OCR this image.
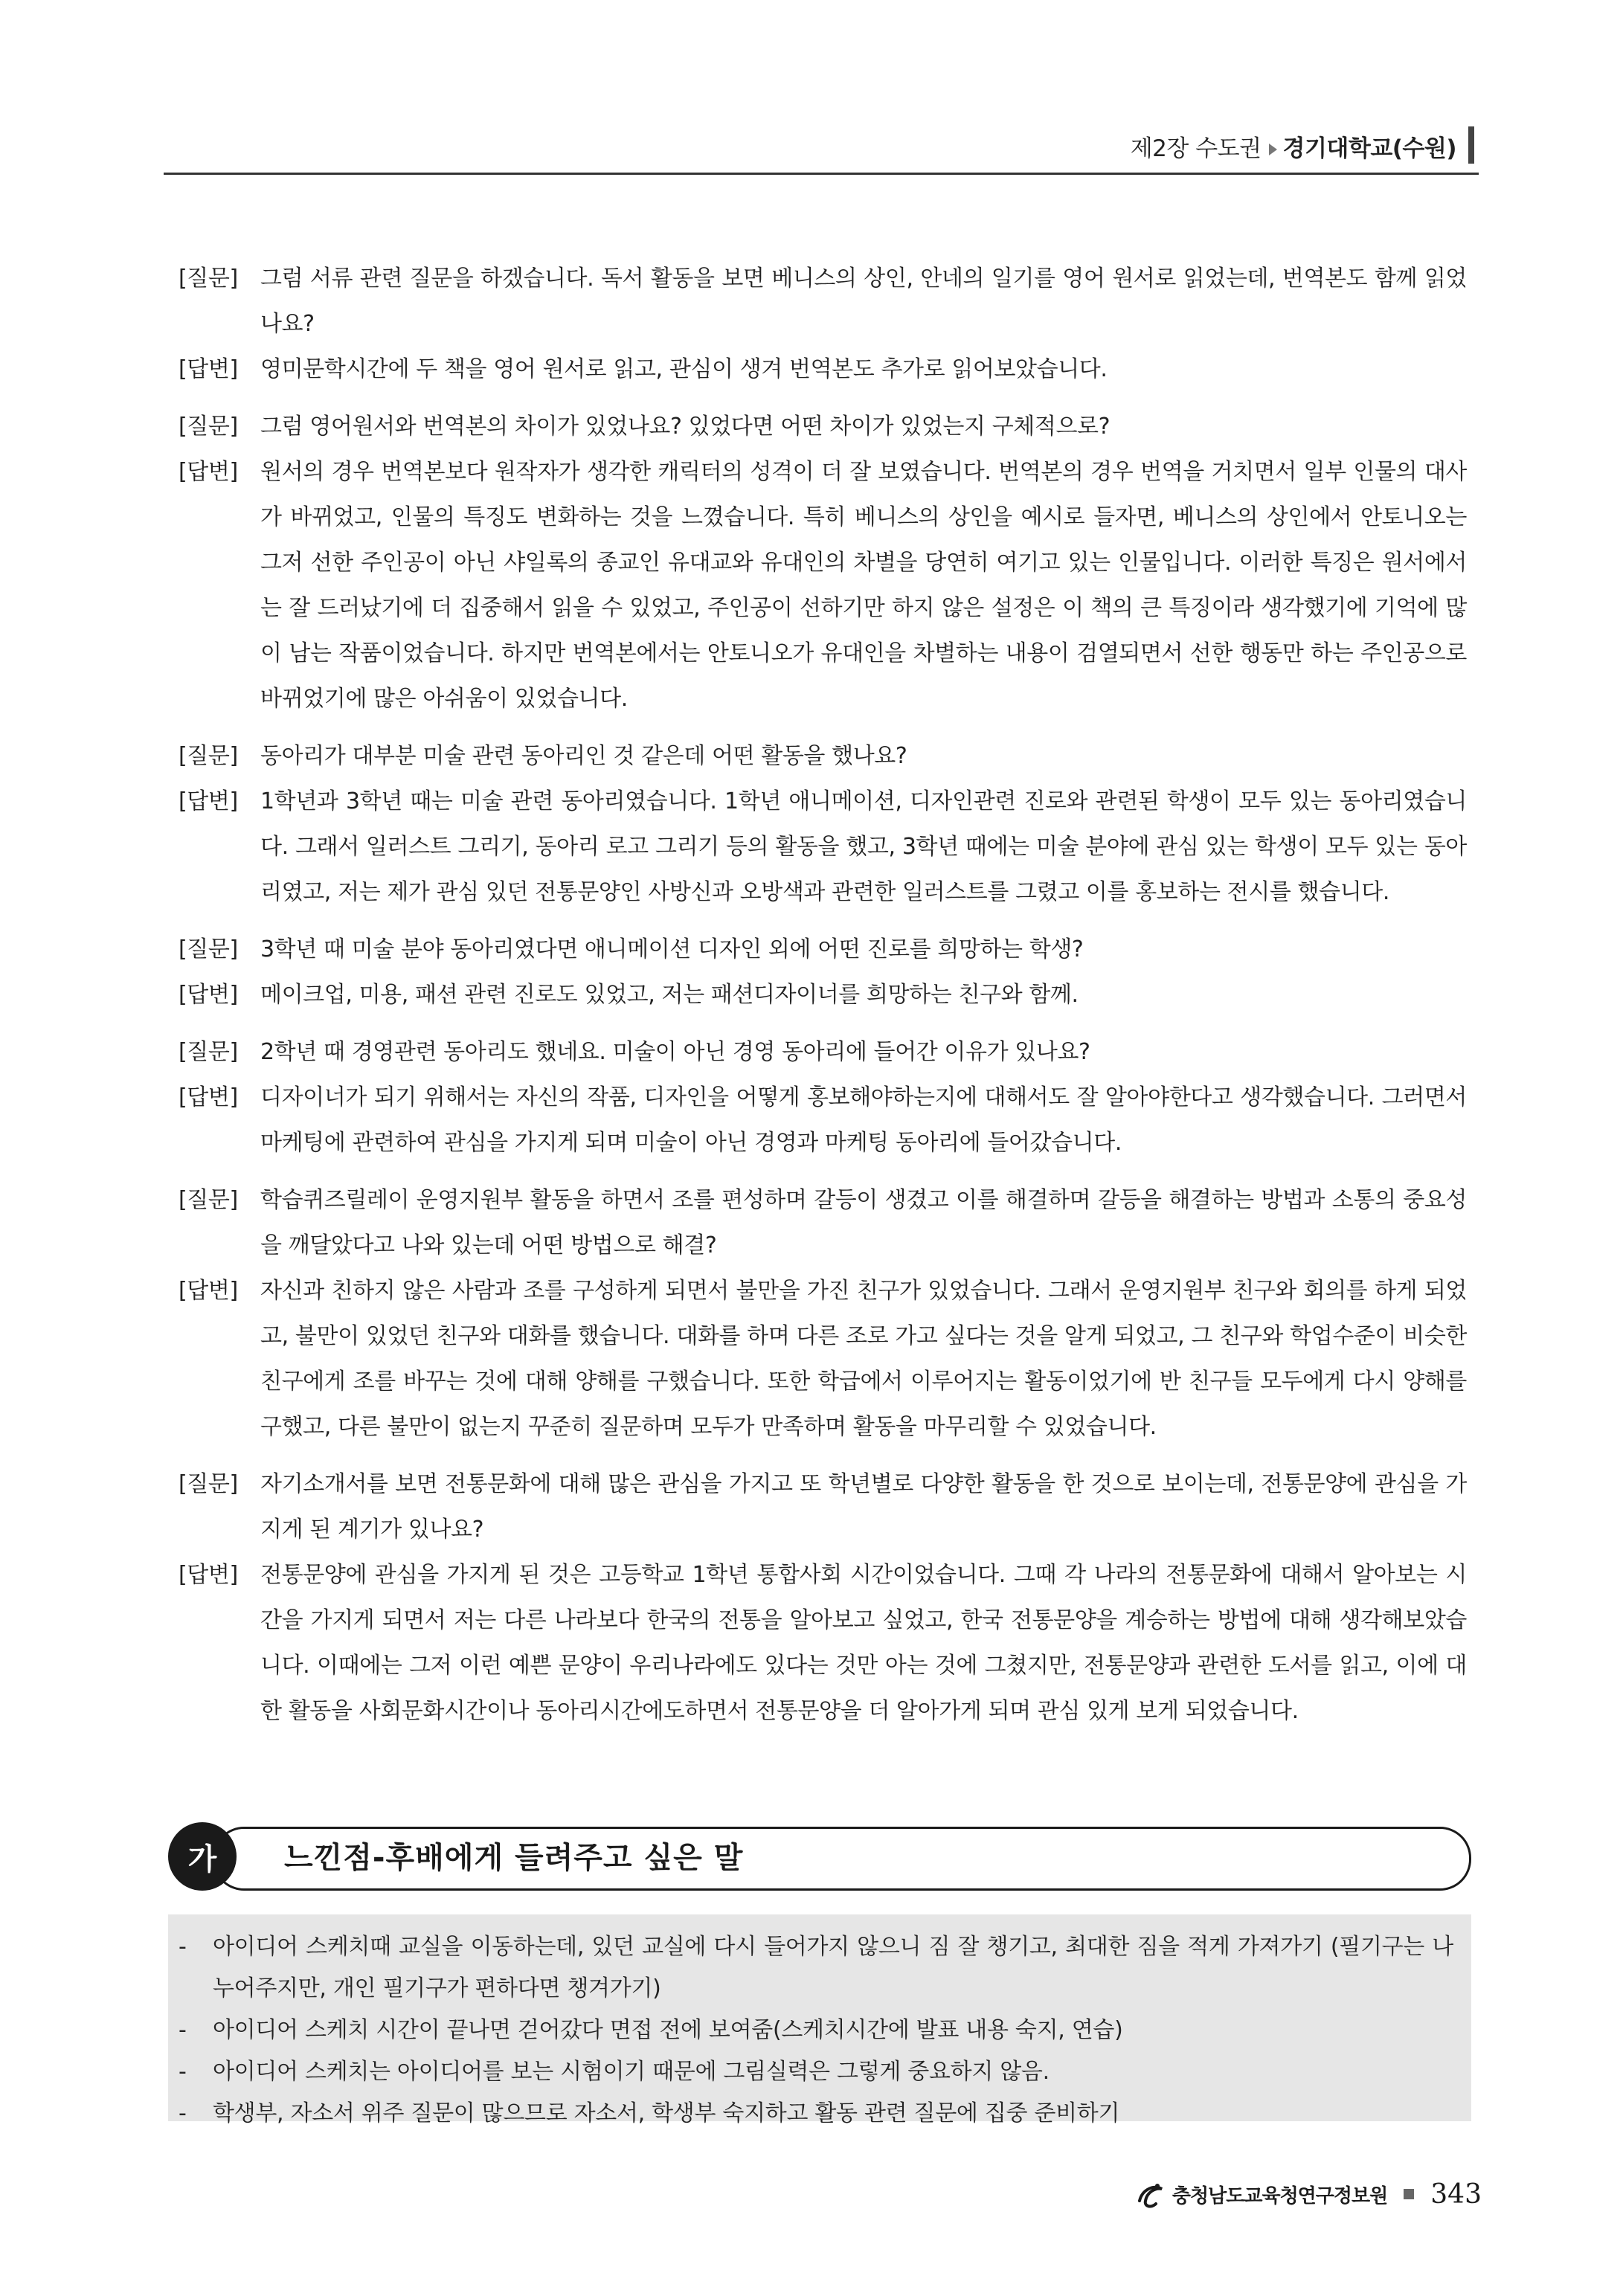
제2장 수도권 경기대학교(수원)
[질문]	그럼 서류 관련 질문을 하겠습니다. 독서 활동을 보면 베니스의 상인, 안네의 일기를 영어 원서로 읽었는데, 번역본도 함께 읽었나요?
[답변]	영미문학시간에 두 책을 영어 원서로 읽고, 관심이 생겨 번역본도 추가로 읽어보았습니다.
[질문]	그럼 영어원서와 번역본의 차이가 있었나요? 있었다면 어떤 차이가 있었는지 구체적으로?
[답변]	원서의 경우 번역본보다 원작자가 생각한 캐릭터의 성격이 더 잘 보였습니다. 번역본의 경우 번역을 거치면서 일부 인물의 대사가 바뀌었고, 인물의 특징도 변화하는 것을 느꼈습니다. 특히 베니스의 상인을 예시로 들자면, 베니스의 상인에서 안토니오는 그저 선한 주인공이 아닌 샤일록의 종교인 유대교와 유대인의 차별을 당연히 여기고 있는 인물입니다. 이러한 특징은 원서에서는 잘 드러났기에 더 집중해서 읽을 수 있었고, 주인공이 선하기만 하지 않은 설정은 이 책의 큰 특징이라 생각했기에 기억에 많이 남는 작품이었습니다. 하지만 번역본에서는 안토니오가 유대인을 차별하는 내용이 검열되면서 선한 행동만 하는 주인공으로 바뀌었기에 많은 아쉬움이 있었습니다.
[질문]	동아리가 대부분 미술 관련 동아리인 것 같은데 어떤 활동을 했나요?
[답변]	1학년과 3학년 때는 미술 관련 동아리였습니다. 1학년 애니메이션, 디자인관련 진로와 관련된 학생이 모두 있는 동아리였습니다. 그래서 일러스트 그리기, 동아리 로고 그리기 등의 활동을 했고, 3학년 때에는 미술 분야에 관심 있는 학생이 모두 있는 동아리였고, 저는 제가 관심 있던 전통문양인 사방신과 오방색과 관련한 일러스트를 그렸고 이를 홍보하는 전시를 했습니다.
[질문]	3학년 때 미술 분야 동아리였다면 애니메이션 디자인 외에 어떤 진로를 희망하는 학생?
[답변]	메이크업, 미용, 패션 관련 진로도 있었고, 저는 패션디자이너를 희망하는 친구와 함께.
[질문]	2학년 때 경영관련 동아리도 했네요. 미술이 아닌 경영 동아리에 들어간 이유가 있나요?
[답변]	디자이너가 되기 위해서는 자신의 작품, 디자인을 어떻게 홍보해야하는지에 대해서도 잘 알아야한다고 생각했습니다. 그러면서 마케팅에 관련하여 관심을 가지게 되며 미술이 아닌 경영과 마케팅 동아리에 들어갔습니다.
[질문]	학습퀴즈릴레이 운영지원부 활동을 하면서 조를 편성하며 갈등이 생겼고 이를 해결하며 갈등을 해결하는 방법과 소통의 중요성을 깨달았다고 나와 있는데 어떤 방법으로 해결?
[답변]	자신과 친하지 않은 사람과 조를 구성하게 되면서 불만을 가진 친구가 있었습니다. 그래서 운영지원부 친구와 회의를 하게 되었고, 불만이 있었던 친구와 대화를 했습니다. 대화를 하며 다른 조로 가고 싶다는 것을 알게 되었고, 그 친구와 학업수준이 비슷한 친구에게 조를 바꾸는 것에 대해 양해를 구했습니다. 또한 학급에서 이루어지는 활동이었기에 반 친구들 모두에게 다시 양해를 구했고, 다른 불만이 없는지 꾸준히 질문하며 모두가 만족하며 활동을 마무리할 수 있었습니다.
[질문]	자기소개서를 보면 전통문화에 대해 많은 관심을 가지고 또 학년별로 다양한 활동을 한 것으로 보이는데, 전통문양에 관심을 가지게 된 계기가 있나요?
[답변]	전통문양에 관심을 가지게 된 것은 고등학교 1학년 통합사회 시간이었습니다. 그때 각 나라의 전통문화에 대해서 알아보는 시간을 가지게 되면서 저는 다른 나라보다 한국의 전통을 알아보고 싶었고, 한국 전통문양을 계승하는 방법에 대해 생각해보았습니다. 이때에는 그저 이런 예쁜 문양이 우리나라에도 있다는 것만 아는 것에 그쳤지만, 전통문양과 관련한 도서를 읽고, 이에 대한 활동을 사회문화시간이나 동아리시간에도하면서 전통문양을 더 알아가게 되며 관심 있게 보게 되었습니다.
가	느낀점-후배에게 들려주고 싶은 말
-	아이디어 스케치때 교실을 이동하는데, 있던 교실에 다시 들어가지 않으니 짐 잘 챙기고, 최대한 짐을 적게 가져가기 (필기구는 나누어주지만, 개인 필기구가 편하다면 챙겨가기)
-	아이디어 스케치 시간이 끝나면 걷어갔다 면접 전에 보여줌(스케치시간에 발표 내용 숙지, 연습)
-	아이디어 스케치는 아이디어를 보는 시험이기 때문에 그림실력은 그렇게 중요하지 않음.
-	학생부, 자소서 위주 질문이 많으므로 자소서, 학생부 숙지하고 활동 관련 질문에 집중 준비하기
충청남도교육청연구정보원 343
